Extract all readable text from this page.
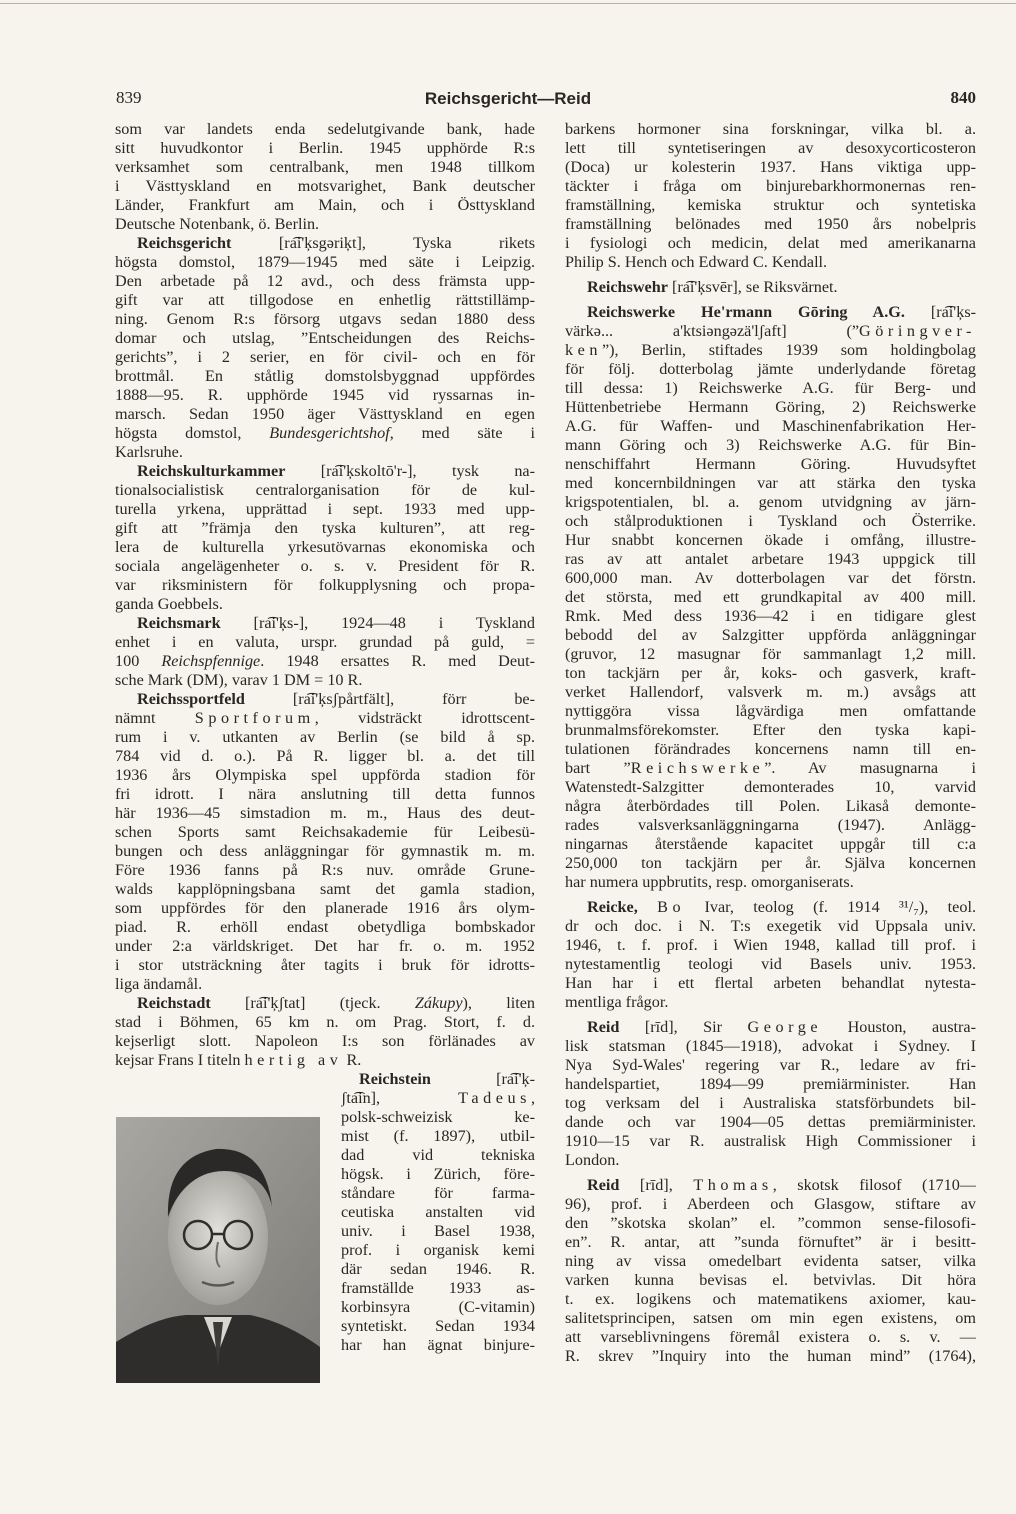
839	Reichsgericht—Reid	840
som var landets enda sedelutgivande bank, hade
sitt huvudkontor i Berlin. 1945 upphörde R:s
verksamhet som centralbank, men 1948 tillkom
i Västtyskland en motsvarighet, Bank deutscher
Länder, Frankfurt am Main, och i Östtyskland
Deutsche Notenbank, ö. Berlin.
Reichsgericht [ra͡i'ķsgəriķt], Tyska rikets
högsta domstol, 1879—1945 med säte i Leipzig.
Den arbetade på 12 avd., och dess främsta upp-
gift var att tillgodose en enhetlig rättstillämp-
ning. Genom R:s försorg utgavs sedan 1880 dess
domar och utslag, ”Entscheidungen des Reichs-
gerichts”, i 2 serier, en för civil- och en för
brottmål. En ståtlig domstolsbyggnad uppfördes
1888—95. R. upphörde 1945 vid ryssarnas in-
marsch. Sedan 1950 äger Västtyskland en egen
högsta domstol, Bundesgerichtshof, med säte i
Karlsruhe.
Reichskulturkammer [ra͡i'ķskoltō'r-], tysk na-
tionalsocialistisk centralorganisation för de kul-
turella yrkena, upprättad i sept. 1933 med upp-
gift att ”främja den tyska kulturen”, att reg-
lera de kulturella yrkesutövarnas ekonomiska och
sociala angelägenheter o. s. v. President för R.
var riksministern för folkupplysning och propa-
ganda Goebbels.
Reichsmark [ra͡i'ķs-], 1924—48 i Tyskland
enhet i en valuta, urspr. grundad på guld, =
100 Reichspfennige. 1948 ersattes R. med Deut-
sche Mark (DM), varav 1 DM = 10 R.
Reichssportfeld [ra͡i'ķsʃpårtfält], förr be-
nämnt Sportforum, vidsträckt idrottscent-
rum i v. utkanten av Berlin (se bild å sp.
784 vid d. o.). På R. ligger bl. a. det till
1936 års Olympiska spel uppförda stadion för
fri idrott. I nära anslutning till detta funnos
här 1936—45 simstadion m. m., Haus des deut-
schen Sports samt Reichsakademie für Leibesü-
bungen och dess anläggningar för gymnastik m. m.
Före 1936 fanns på R:s nuv. område Grune-
walds kapplöpningsbana samt det gamla stadion,
som uppfördes för den planerade 1916 års olym-
piad. R. erhöll endast obetydliga bombskador
under 2:a världskriget. Det har fr. o. m. 1952
i stor utsträckning åter tagits i bruk för idrotts-
liga ändamål.
Reichstadt [ra͡i'ķʃtat] (tjeck. Zákupy), liten
stad i Böhmen, 65 km n. om Prag. Stort, f. d.
kejserligt slott. Napoleon I:s son förlänades av
kejsar Frans I titeln hertig av R.
Reichstein [ra͡i'ķ-
ʃta͡in], Tadeus,
polsk-schweizisk ke-
mist (f. 1897), utbil-
dad vid tekniska
högsk. i Zürich, före-
ståndare för farma-
ceutiska anstalten vid
univ. i Basel 1938,
prof. i organisk kemi
där sedan 1946. R.
framställde 1933 as-
korbinsyra (C-vitamin)
syntetiskt. Sedan 1934
har han ägnat binjure-
barkens hormoner sina forskningar, vilka bl. a.
lett till syntetiseringen av desoxycorticosteron
(Doca) ur kolesterin 1937. Hans viktiga upp-
täckter i fråga om binjurebarkhormonernas ren-
framställning, kemiska struktur och syntetiska
framställning belönades med 1950 års nobelpris
i fysiologi och medicin, delat med amerikanarna
Philip S. Hench och Edward C. Kendall.
Reichswehr [ra͡i'ķsvēr], se Riksvärnet.
Reichswerke He'rmann Gōring A.G. [ra͡i'ķs-
värkə... a'ktsiəngəzä'lʃaft] (”Göringver-
ken”), Berlin, stiftades 1939 som holdingbolag
för följ. dotterbolag jämte underlydande företag
till dessa: 1) Reichswerke A.G. für Berg- und
Hüttenbetriebe Hermann Göring, 2) Reichswerke
A.G. für Waffen- und Maschinenfabrikation Her-
mann Göring och 3) Reichswerke A.G. für Bin-
nenschiffahrt Hermann Göring. Huvudsyftet
med koncernbildningen var att stärka den tyska
krigspotentialen, bl. a. genom utvidgning av järn-
och stålproduktionen i Tyskland och Österrike.
Hur snabbt koncernen ökade i omfång, illustre-
ras av att antalet arbetare 1943 uppgick till
600,000 man. Av dotterbolagen var det förstn.
det största, med ett grundkapital av 400 mill.
Rmk. Med dess 1936—42 i en tidigare glest
bebodd del av Salzgitter uppförda anläggningar
(gruvor, 12 masugnar för sammanlagt 1,2 mill.
ton tackjärn per år, koks- och gasverk, kraft-
verket Hallendorf, valsverk m. m.) avsågs att
nyttiggöra vissa lågvärdiga men omfattande
brunmalmsförekomster. Efter den tyska kapi-
tulationen förändrades koncernens namn till en-
bart ”Reichswerke”. Av masugnarna i
Watenstedt-Salzgitter demonterades 10, varvid
några återbördades till Polen. Likaså demonte-
rades valsverksanläggningarna (1947). Anlägg-
ningarnas återstående kapacitet uppgår till c:a
250,000 ton tackjärn per år. Själva koncernen
har numera uppbrutits, resp. omorganiserats.
Reicke, Bo Ivar, teolog (f. 1914 ³¹/₇), teol.
dr och doc. i N. T:s exegetik vid Uppsala univ.
1946, t. f. prof. i Wien 1948, kallad till prof. i
nytestamentlig teologi vid Basels univ. 1953.
Han har i ett flertal arbeten behandlat nytesta-
mentliga frågor.
Reid [rīd], Sir George Houston, austra-
lisk statsman (1845—1918), advokat i Sydney. I
Nya Syd-Wales' regering var R., ledare av fri-
handelspartiet, 1894—99 premiärminister. Han
tog verksam del i Australiska statsförbundets bil-
dande och var 1904—05 dettas premiärminister.
1910—15 var R. australisk High Commissioner i
London.
Reid [rīd], Thomas, skotsk filosof (1710—
96), prof. i Aberdeen och Glasgow, stiftare av
den ”skotska skolan” el. ”common sense-filosofi-
en”. R. antar, att ”sunda förnuftet” är i besitt-
ning av vissa omedelbart evidenta satser, vilka
varken kunna bevisas el. betvivlas. Dit höra
t. ex. logikens och matematikens axiomer, kau-
salitetsprincipen, satsen om min egen existens, om
att varseblivningens föremål existera o. s. v. —
R. skrev ”Inquiry into the human mind” (1764),
